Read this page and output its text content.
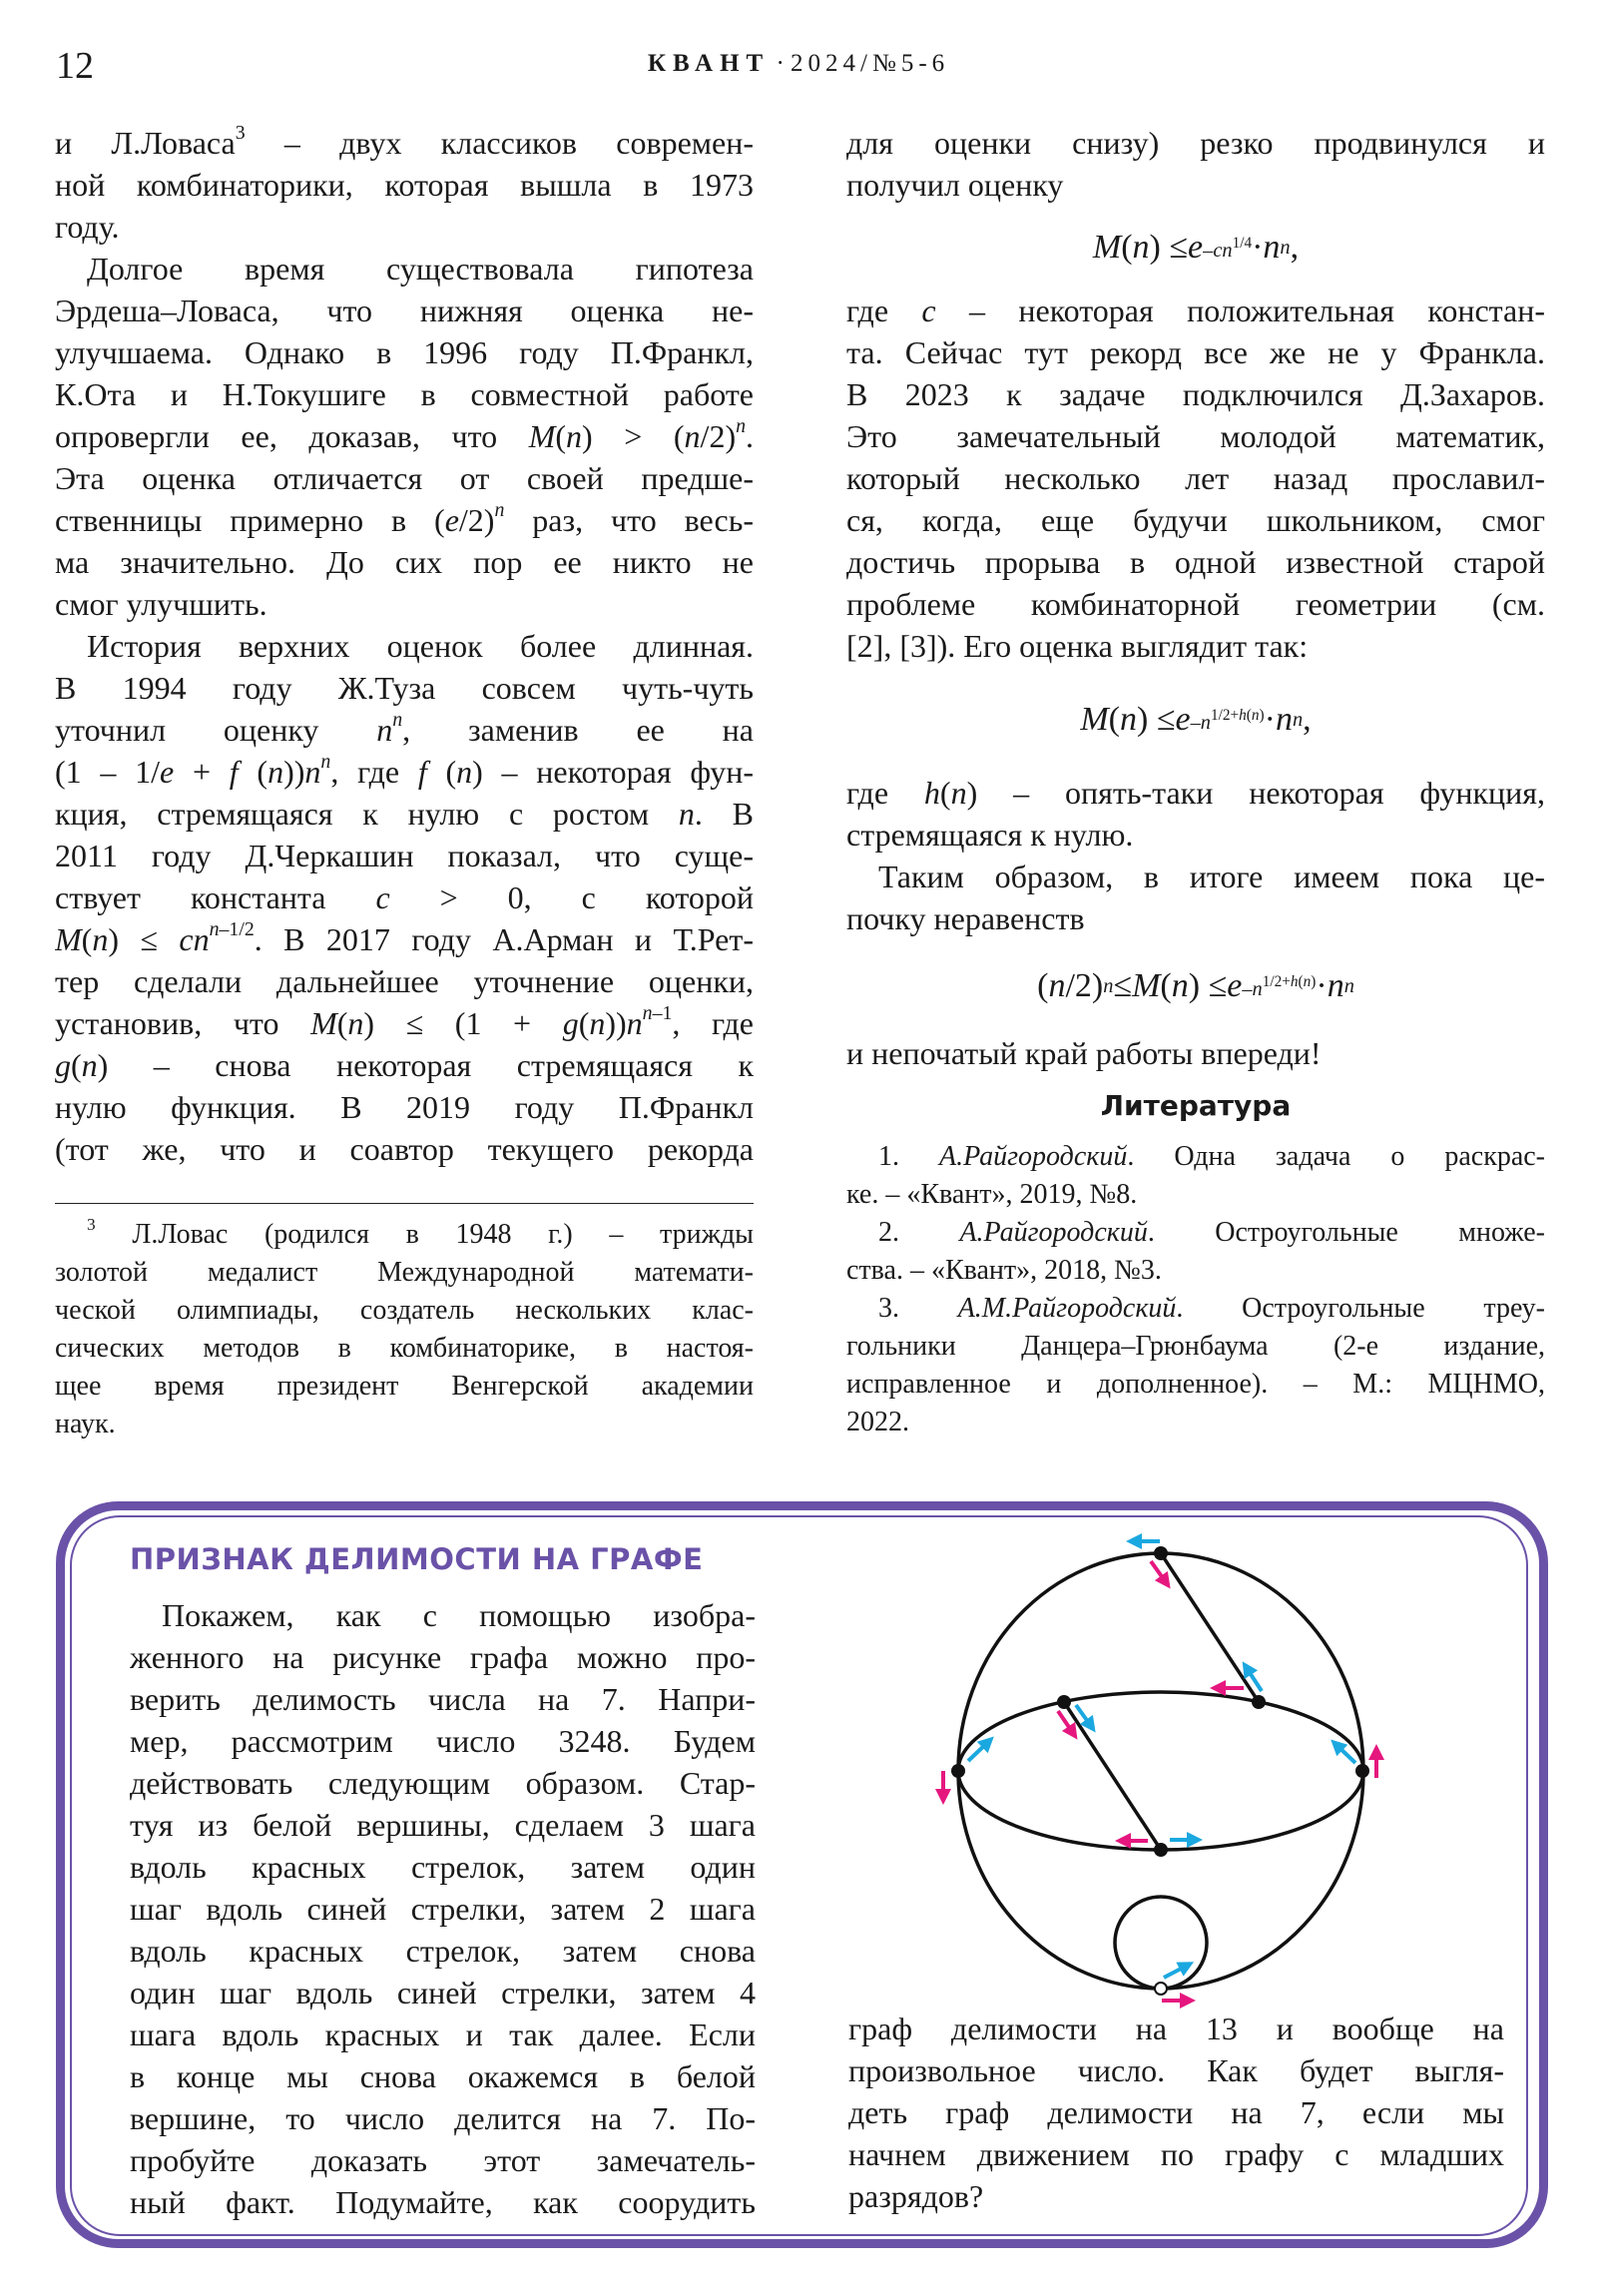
12	КВАНТ · 2024/№5-6
и Л.Ловаса$^3$ – двух классиков современ-
ной комбинаторики, которая вышла в 1973
году.
Долгое время существовала гипотеза
Эрдеша–Ловаса, что нижняя оценка не-
улучшаема. Однако в 1996 году П.Франкл,
К.Ота и Н.Токушиге в совместной работе
опровергли ее, доказав, что $M(n) > (n/2)^n$.
Эта оценка отличается от своей предше-
ственницы примерно в $(e/2)^n$ раз, что весь-
ма значительно. До сих пор ее никто не
смог улучшить.
История верхних оценок более длинная.
В 1994 году Ж.Туза совсем чуть-чуть
уточнил оценку $n^n$, заменив ее на
(1 – 1/e + f $(n))n^n$, где f (n) – некоторая фун-
кция, стремящаяся к нулю с ростом n. В
2011 году Д.Черкашин показал, что суще-
ствует константа c > 0, с которой
$M(n) \le cn^{n-1/2}$. В 2017 году А.Арман и Т.Рет-
тер сделали дальнейшее уточнение оценки,
установив, что $M(n) \le (1 + g(n))n^{n-1}$, где
g(n) – снова некоторая стремящаяся к
нулю функция. В 2019 году П.Франкл
(тот же, что и соавтор текущего рекорда
$^3$ Л.Ловас (родился в 1948 г.) – трижды
золотой медалист Международной математи-
ческой олимпиады, создатель нескольких клас-
сических методов в комбинаторике, в настоя-
щее время президент Венгерской академии
наук.
для оценки снизу) резко продвинулся и
получил оценку
M ( n ) ≤ e $-cn^{1/4} \cdot n$ n ,
где c – некоторая положительная констан-
та. Сейчас тут рекорд все же не у Франкла.
В 2023 к задаче подключился Д.Захаров.
Это замечательный молодой математик,
который несколько лет назад прославил-
ся, когда, еще будучи школьником, смог
достичь прорыва в одной известной старой
проблеме комбинаторной геометрии (см.
[2], [3]). Его оценка выглядит так:
M ( n ) ≤ e $-n^{1/2+h(n)} \cdot n$ n ,
где h(n) – опять-таки некоторая функция,
стремящаяся к нулю.
Таким образом, в итоге имеем пока це-
почку неравенств
( n /2) n ≤ M ( n ) ≤ e $-n^{1/2+h(n)} \cdot n$ n
и непочатый край работы впереди!
Литература
1. А.Райгородский. Одна задача о раскрас-
ке. – «Квант», 2019, №8.
2. А.Райгородский. Остроугольные множе-
ства. – «Квант», 2018, №3.
3. А.М.Райгородский. Остроугольные треу-
гольники Данцера–Грюнбаума (2-е издание,
исправленное и дополненное). – М.: МЦНМО,
2022.
ПРИЗНАК ДЕЛИМОСТИ НА ГРАФЕ
Покажем, как с помощью изобра-
женного на рисунке графа можно про-
верить делимость числа на 7. Напри-
мер, рассмотрим число 3248. Будем
действовать следующим образом. Стар-
туя из белой вершины, сделаем 3 шага
вдоль красных стрелок, затем один
шаг вдоль синей стрелки, затем 2 шага
вдоль красных стрелок, затем снова
один шаг вдоль синей стрелки, затем 4
шага вдоль красных и так далее. Если
в конце мы снова окажемся в белой
вершине, то число делится на 7. По-
пробуйте доказать этот замечатель-
ный факт. Подумайте, как соорудить
граф делимости на 13 и вообще на
произвольное число. Как будет выгля-
деть граф делимости на 7, если мы
начнем движением по графу с младших
разрядов?
